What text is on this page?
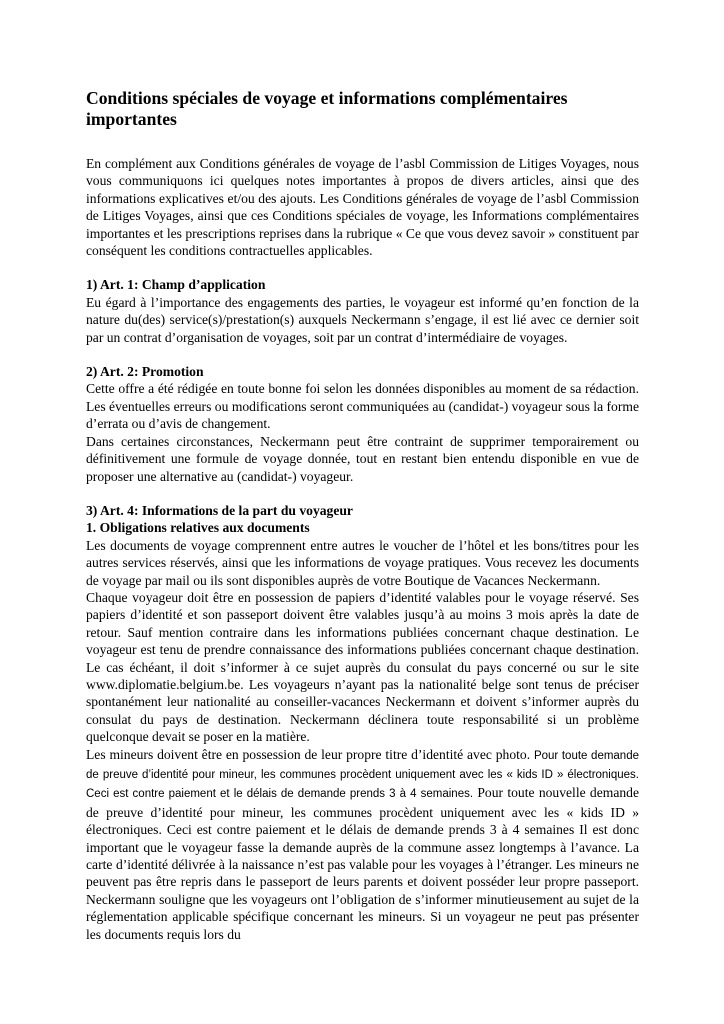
Conditions spéciales de voyage et informations complémentaires importantes

En complément aux Conditions générales de voyage de l’asbl Commission de Litiges Voyages, nous vous communiquons ici quelques notes importantes à propos de divers articles, ainsi que des informations explicatives et/ou des ajouts. Les Conditions générales de voyage de l’asbl Commission de Litiges Voyages, ainsi que ces Conditions spéciales de voyage, les Informations complémentaires importantes et les prescriptions reprises dans la rubrique « Ce que vous devez savoir » constituent par conséquent les conditions contractuelles applicables.

1) Art. 1: Champ d’application

Eu égard à l’importance des engagements des parties, le voyageur est informé qu’en fonction de la nature du(des) service(s)/prestation(s) auxquels Neckermann s’engage, il est lié avec ce dernier soit par un contrat d’organisation de voyages, soit par un contrat d’intermédiaire de voyages.

2) Art. 2: Promotion

Cette offre a été rédigée en toute bonne foi selon les données disponibles au moment de sa rédaction. Les éventuelles erreurs ou modifications seront communiquées au (candidat-) voyageur sous la forme d’errata ou d’avis de changement.

Dans certaines circonstances, Neckermann peut être contraint de supprimer temporairement ou définitivement une formule de voyage donnée, tout en restant bien entendu disponible en vue de proposer une alternative au (candidat-) voyageur.

3) Art. 4: Informations de la part du voyageur

1. Obligations relatives aux documents

Les documents de voyage comprennent entre autres le voucher de l’hôtel et les bons/titres pour les autres services réservés, ainsi que les informations de voyage pratiques. Vous recevez les documents de voyage par mail ou ils sont disponibles auprès de votre Boutique de Vacances Neckermann.

Chaque voyageur doit être en possession de papiers d’identité valables pour le voyage réservé. Ses papiers d’identité et son passeport doivent être valables jusqu’à au moins 3 mois après la date de retour. Sauf mention contraire dans les informations publiées concernant chaque destination. Le voyageur est tenu de prendre connaissance des informations publiées concernant chaque destination. Le cas échéant, il doit s’informer à ce sujet auprès du consulat du pays concerné ou sur le site www.diplomatie.belgium.be. Les voyageurs n’ayant pas la nationalité belge sont tenus de préciser spontanément leur nationalité au conseiller-vacances Neckermann et doivent s’informer auprès du consulat du pays de destination. Neckermann déclinera toute responsabilité si un problème quelconque devait se poser en la matière.

Les mineurs doivent être en possession de leur propre titre d’identité avec photo. Pour toute demande de preuve d’identité pour mineur, les communes procèdent uniquement avec les « kids ID » électroniques. Ceci est contre paiement et le délais de demande prends 3 à 4 semaines. Pour toute nouvelle demande de preuve d’identité pour mineur, les communes procèdent uniquement avec les « kids ID » électroniques. Ceci est contre paiement et le délais de demande prends 3 à 4 semaines Il est donc important que le voyageur fasse la demande auprès de la commune assez longtemps à l’avance. La carte d’identité délivrée à la naissance n’est pas valable pour les voyages à l’étranger. Les mineurs ne peuvent pas être repris dans le passeport de leurs parents et doivent posséder leur propre passeport. Neckermann souligne que les voyageurs ont l’obligation de s’informer minutieusement au sujet de la réglementation applicable spécifique concernant les mineurs. Si un voyageur ne peut pas présenter les documents requis lors du
